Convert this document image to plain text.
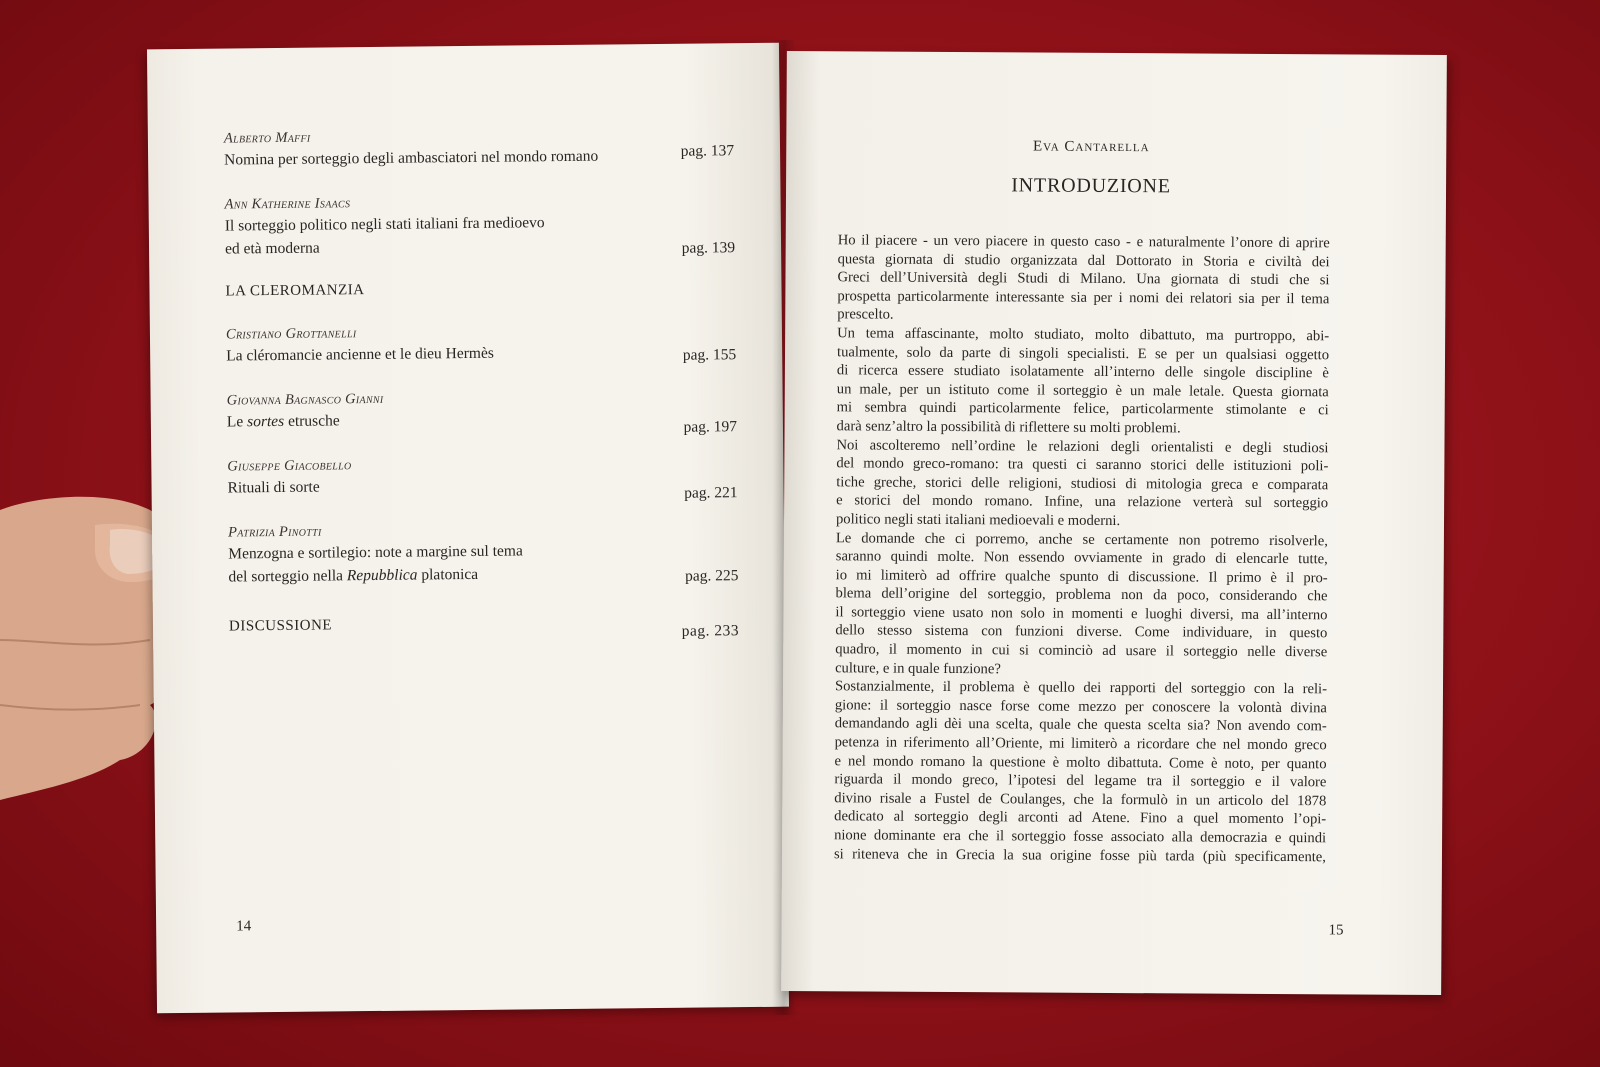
Alberto Maffi
Nomina per sorteggio degli ambasciatori nel mondo romano	pag. 137
Ann Katherine Isaacs
Il sorteggio politico negli stati italiani fra medioevo
ed età moderna	pag. 139
LA CLEROMANZIA
Cristiano Grottanelli
La cléromancie ancienne et le dieu Hermès	pag. 155
Giovanna Bagnasco Gianni
Le sortes etrusche	pag. 197
Giuseppe Giacobello
Rituali di sorte	pag. 221
Patrizia Pinotti
Menzogna e sortilegio: note a margine sul tema
del sorteggio nella Repubblica platonica	pag. 225
DISCUSSIONE	pag. 233
14
Eva Cantarella
INTRODUZIONE
Ho il piacere - un vero piacere in questo caso - e naturalmente l’onore di aprire
questa giornata di studio organizzata dal Dottorato in Storia e civiltà dei
Greci dell’Università degli Studi di Milano. Una giornata di studi che si
prospetta particolarmente interessante sia per i nomi dei relatori sia per il tema
prescelto.
Un tema affascinante, molto studiato, molto dibattuto, ma purtroppo, abi-
tualmente, solo da parte di singoli specialisti. E se per un qualsiasi oggetto
di ricerca essere studiato isolatamente all’interno delle singole discipline è
un male, per un istituto come il sorteggio è un male letale. Questa giornata
mi sembra quindi particolarmente felice, particolarmente stimolante e ci
darà senz’altro la possibilità di riflettere su molti problemi.
Noi ascolteremo nell’ordine le relazioni degli orientalisti e degli studiosi
del mondo greco-romano: tra questi ci saranno storici delle istituzioni poli-
tiche greche, storici delle religioni, studiosi di mitologia greca e comparata
e storici del mondo romano. Infine, una relazione verterà sul sorteggio
politico negli stati italiani medioevali e moderni.
Le domande che ci porremo, anche se certamente non potremo risolverle,
saranno quindi molte. Non essendo ovviamente in grado di elencarle tutte,
io mi limiterò ad offrire qualche spunto di discussione. Il primo è il pro-
blema dell’origine del sorteggio, problema non da poco, considerando che
il sorteggio viene usato non solo in momenti e luoghi diversi, ma all’interno
dello stesso sistema con funzioni diverse. Come individuare, in questo
quadro, il momento in cui si cominciò ad usare il sorteggio nelle diverse
culture, e in quale funzione?
Sostanzialmente, il problema è quello dei rapporti del sorteggio con la reli-
gione: il sorteggio nasce forse come mezzo per conoscere la volontà divina
demandando agli dèi una scelta, quale che questa scelta sia? Non avendo com-
petenza in riferimento all’Oriente, mi limiterò a ricordare che nel mondo greco
e nel mondo romano la questione è molto dibattuta. Come è noto, per quanto
riguarda il mondo greco, l’ipotesi del legame tra il sorteggio e il valore
divino risale a Fustel de Coulanges, che la formulò in un articolo del 1878
dedicato al sorteggio degli arconti ad Atene. Fino a quel momento l’opi-
nione dominante era che il sorteggio fosse associato alla democrazia e quindi
si riteneva che in Grecia la sua origine fosse più tarda (più specificamente,
15
